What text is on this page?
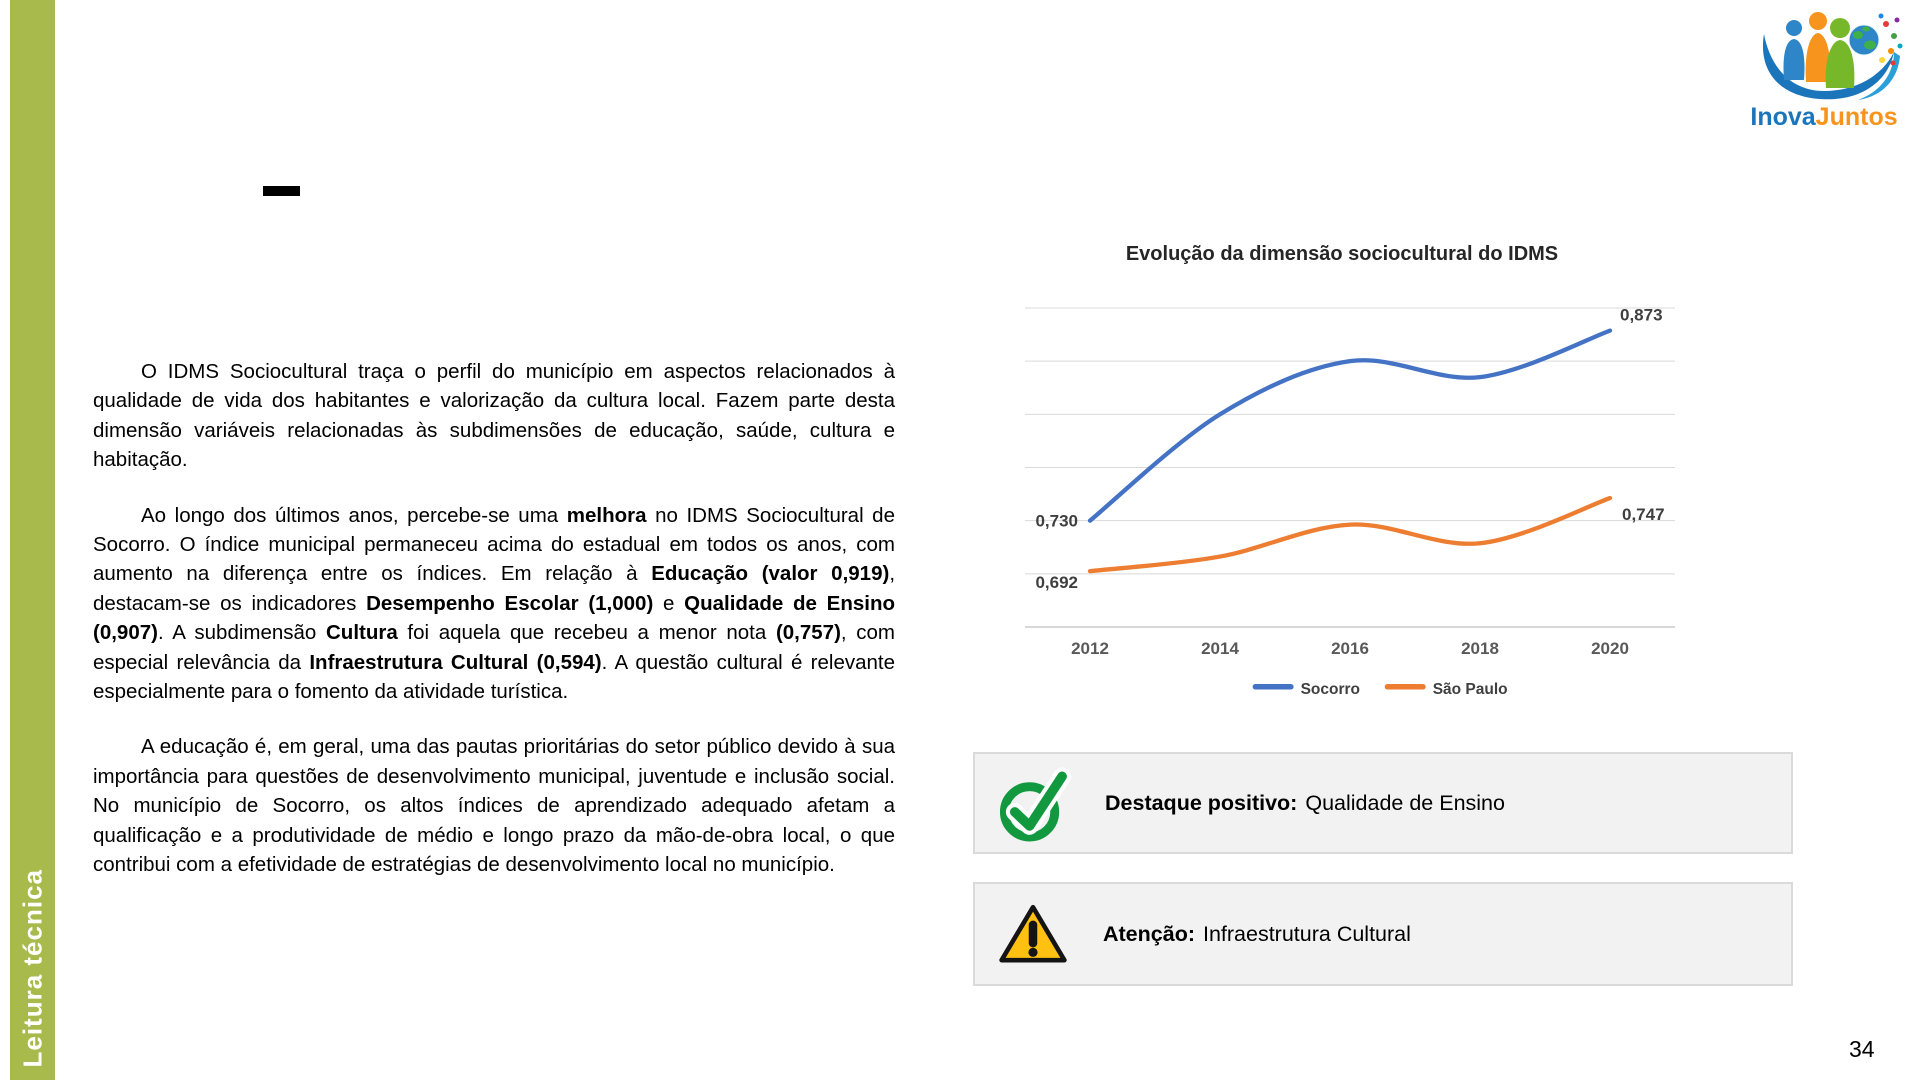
Leitura técnica

O IDMS Sociocultural traça o perfil do município em aspectos relacionados à qualidade de vida dos habitantes e valorização da cultura local. Fazem parte desta dimensão variáveis relacionadas às subdimensões de educação, saúde, cultura e habitação.

Ao longo dos últimos anos, percebe-se uma melhora no IDMS Sociocultural de Socorro. O índice municipal permaneceu acima do estadual em todos os anos, com aumento na diferença entre os índices. Em relação à Educação (valor 0,919), destacam-se os indicadores Desempenho Escolar (1,000) e Qualidade de Ensino (0,907). A subdimensão Cultura foi aquela que recebeu a menor nota (0,757), com especial relevância da Infraestrutura Cultural (0,594). A questão cultural é relevante especialmente para o fomento da atividade turística.

A educação é, em geral, uma das pautas prioritárias do setor público devido à sua importância para questões de desenvolvimento municipal, juventude e inclusão social. No município de Socorro, os altos índices de aprendizado adequado afetam a qualificação e a produtividade de médio e longo prazo da mão-de-obra local, o que contribui com a efetividade de estratégias de desenvolvimento local no município.

Evolução da dimensão sociocultural do IDMS
2012	2014	2016	2018	2020
0,730
0,873
0,692
0,747
Socorro	São Paulo
Destaque positivo: Qualidade de Ensino
Atenção: Infraestrutura Cultural
InovaJuntos
34
